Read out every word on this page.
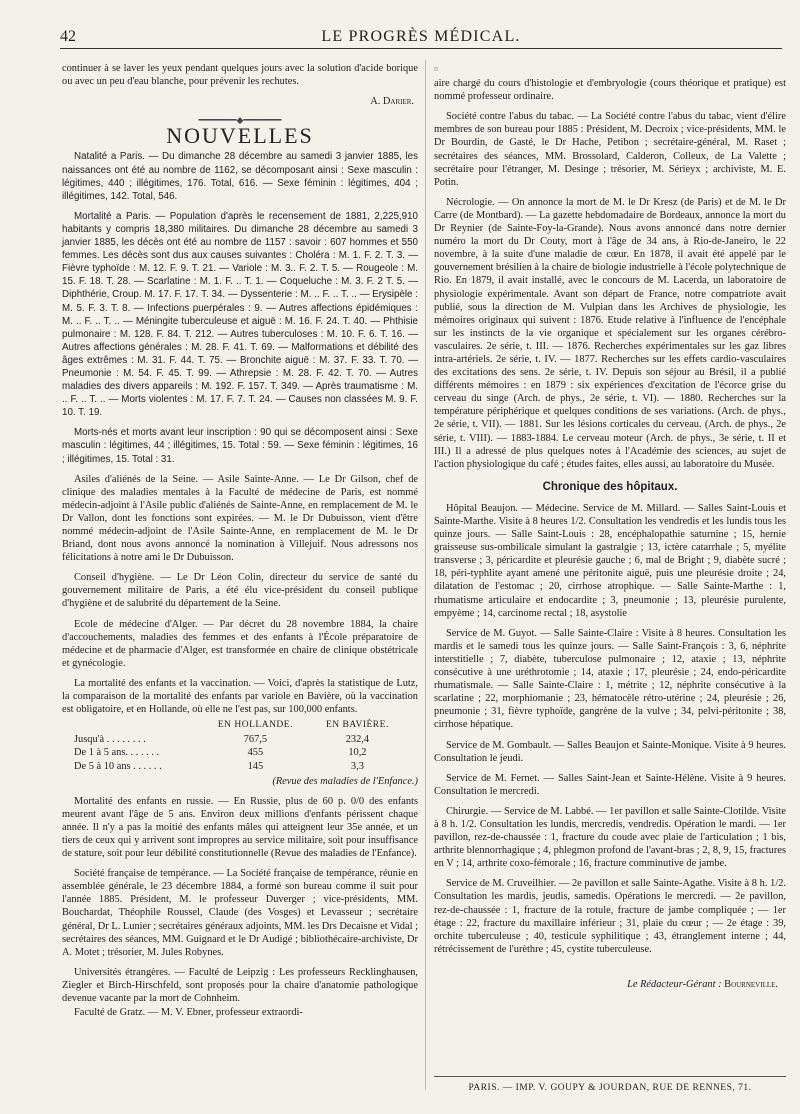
42	LE PROGRÈS MÉDICAL.

continuer à se laver les yeux pendant quelques jours avec la solution d'acide borique ou avec un peu d'eau blanche, pour prévenir les rechutes.

A. Darier.
━━━━━━━◆━━━━━━━
NOUVELLES

Natalité a Paris. — Du dimanche 28 décembre au samedi 3 janvier 1885, les naissances ont été au nombre de 1162, se décomposant ainsi : Sexe masculin : légitimes, 440 ; illégitimes, 176. Total, 616. — Sexe féminin : légitimes, 404 ; illégitimes, 142. Total, 546.

Mortalité a Paris. — Population d'après le recensement de 1881, 2,225,910 habitants y compris 18,380 militaires. Du dimanche 28 décembre au samedi 3 janvier 1885, les décès ont été au nombre de 1157 : savoir : 607 hommes et 550 femmes. Les décès sont dus aux causes suivantes : Choléra : M. 1. F. 2. T. 3. — Fièvre typhoïde : M. 12. F. 9. T. 21. — Variole : M. 3.. F. 2. T. 5. — Rougeole : M. 15. F. 18. T. 28. — Scarlatine : M. 1. F. .. T. 1. — Coqueluche : M. 3. F. 2 T. 5. — Diphthérie, Croup. M. 17. F. 17. T. 34. — Dyssenterie : M. .. F. .. T. .. — Erysipèle : M. 5. F. 3. T. 8. — Infections puerpérales : 9. — Autres affections épidémiques : M. .. F. .. T. .. — Méningite tuberculeuse et aiguë : M. 16. F. 24. T. 40. — Phthisie pulmonaire : M. 128. F. 84. T. 212. — Autres tuberculoses : M. 10. F. 6. T. 16. — Autres affections générales : M. 28. F. 41. T. 69. — Malformations et débilité des âges extrêmes : M. 31. F. 44. T. 75. — Bronchite aiguë : M. 37. F. 33. T. 70. — Pneumonie : M. 54. F. 45. T. 99. — Athrepsie : M. 28. F. 42. T. 70. — Autres maladies des divers appareils : M. 192. F. 157. T. 349. — Après traumatisme : M. .. F. .. T. .. — Morts violentes : M. 17. F. 7. T. 24. — Causes non classées M. 9. F. 10. T. 19.

Morts-nés et morts avant leur inscription : 90 qui se décomposent ainsi : Sexe masculin : légitimes, 44 ; illégitimes, 15. Total : 59. — Sexe féminin : légitimes, 16 ; illégitimes, 15. Total : 31.

Asiles d'aliénés de la Seine. — Asile Sainte-Anne. — Le Dr Gilson, chef de clinique des maladies mentales à la Faculté de médecine de Paris, est nommé médecin-adjoint à l'Asile public d'aliénés de Sainte-Anne, en remplacement de M. le Dr Vallon, dont les fonctions sont expirées. — M. le Dr Dubuisson, vient d'être nommé médecin-adjoint de l'Asile Sainte-Anne, en remplacement de M. le Dr Briand, dont nous avons annoncé la nomination à Villejuif. Nous adressons nos félicitations à notre ami le Dr Dubuisson.

Conseil d'hygiène. — Le Dr Léon Colin, directeur du service de santé du gouvernement militaire de Paris, a été élu vice-président du conseil publique d'hygiène et de salubrité du département de la Seine.

Ecole de médecine d'Alger. — Par décret du 28 novembre 1884, la chaire d'accouchements, maladies des femmes et des enfants à l'École préparatoire de médecine et de pharmacie d'Alger, est transformée en chaire de clinique obstétricale et gynécologie.

La mortalité des enfants et la vaccination. — Voici, d'après la statistique de Lutz, la comparaison de la mortalité des enfants par variole en Bavière, où la vaccination est obligatoire, et en Hollande, où elle ne l'est pas, sur 100,000 enfants.

	EN HOLLANDE.	EN BAVIÈRE.
Jusqu'à . . . . . . . .	767,5	232,4
De 1 à 5 ans. . . . . . .	455	10,2
De 5 à 10 ans . . . . . .	145	3,3
(Revue des maladies de l'Enfance.)

Mortalité des enfants en russie. — En Russie, plus de 60 p. 0/0 des enfants meurent avant l'âge de 5 ans. Environ deux millions d'enfants périssent chaque année. Il n'y a pas la moitié des enfants mâles qui atteignent leur 35e année, et un tiers de ceux qui y arrivent sont impropres au service militaire, soit pour insuffisance de stature, soit pour leur débilité constitutionnelle (Revue des maladies de l'Enfance).

Société française de tempérance. — La Société française de tempérance, réunie en assemblée générale, le 23 décembre 1884, a formé son bureau comme il suit pour l'année 1885. Président, M. le professeur Duverger ; vice-présidents, MM. Bouchardat, Théophile Roussel, Claude (des Vosges) et Levasseur ; secrétaire général, Dr L. Lunier ; secrétaires généraux adjoints, MM. les Drs Decaisne et Vidal ; secrétaires des séances, MM. Guignard et le Dr Audigé ; bibliothécaire-archiviste, Dr A. Motet ; trésorier, M. Jules Robynes.

Universités étrangères. — Faculté de Leipzig : Les professeurs Recklinghausen, Ziegler et Birch-Hirschfeld, sont proposés pour la chaire d'anatomie pathologique devenue vacante par la mort de Cohnheim.

Faculté de Gratz. — M. V. Ebner, professeur extraordi-

n

aire chargé du cours d'histologie et d'embryologie (cours théorique et pratique) est nommé professeur ordinaire.

Société contre l'abus du tabac. — La Société contre l'abus du tabac, vient d'élire membres de son bureau pour 1885 : Président, M. Decroix ; vice-présidents, MM. le Dr Bourdin, de Gasté, le Dr Hache, Petibon ; secrétaire-général, M. Raset ; secrétaires des séances, MM. Brossolard, Calderon, Colleux, de La Valette ; secrétaire pour l'étranger, M. Desinge ; trésorier, M. Sérieyx ; archiviste, M. E. Potin.

Nécrologie. — On annonce la mort de M. le Dr Kresz (de Paris) et de M. le Dr Carre (de Montbard). — La gazette hebdomadaire de Bordeaux, annonce la mort du Dr Reynier (de Sainte-Foy-la-Grande). Nous avons annoncé dans notre dernier numéro la mort du Dr Couty, mort à l'âge de 34 ans, à Rio-de-Janeiro, le 22 novembre, à la suite d'une maladie de cœur. En 1878, il avait été appelé par le gouvernement brésilien à la chaire de biologie industrielle à l'école polytechnique de Rio. En 1879, il avait installé, avec le concours de M. Lacerda, un laboratoire de physiologie expérimentale. Avant son départ de France, notre compatriote avait publié, sous la direction de M. Vulpian dans les Archives de physiologie, les mémoires originaux qui suivent : 1876. Etude relative à l'influence de l'encéphale sur les instincts de la vie organique et spécialement sur les organes cérébro-vasculaires. 2e série, t. III. — 1876. Recherches expérimentales sur les gaz libres intra-artériels. 2e série, t. IV. — 1877. Recherches sur les effets cardio-vasculaires des excitations des sens. 2e série, t. IV. Depuis son séjour au Brésil, il a publié différents mémoires : en 1879 : six expériences d'excitation de l'écorce grise du cerveau du singe (Arch. de phys., 2e série, t. VI). — 1880. Recherches sur la température périphérique et quelques conditions de ses variations. (Arch. de phys., 2e série, t. VII). — 1881. Sur les lésions corticales du cerveau. (Arch. de phys., 2e série, t. VIII). — 1883-1884. Le cerveau moteur (Arch. de phys., 3e série, t. II et III.) Il a adressé de plus quelques notes à l'Académie des sciences, au sujet de l'action physiologique du café ; études faites, elles aussi, au laboratoire du Musée.

Chronique des hôpitaux.

Hôpital Beaujon. — Médecine. Service de M. Millard. — Salles Saint-Louis et Sainte-Marthe. Visite à 8 heures 1/2. Consultation les vendredis et les lundis tous les quinze jours. — Salle Saint-Louis : 28, encéphalopathie saturnine ; 15, hernie graisseuse sus-ombilicale simulant la gastralgie ; 13, ictère catarrhale ; 5, myélite transverse ; 3, péricardite et pleurésie gauche ; 6, mal de Bright ; 9, diabète sucré ; 18, péri-typhlite ayant amené une péritonite aiguë, puis une pleurésie droite ; 24, dilatation de l'estomac ; 20, cirrhose atrophique. — Salle Sainte-Marthe : 1, rhumatisme articulaire et endocardite ; 3, pneumonie ; 13, pleurésie purulente, empyème ; 14, carcinome rectal ; 18, asystolie

Service de M. Guyot. — Salle Sainte-Claire : Visite à 8 heures. Consultation les mardis et le samedi tous les quinze jours. — Salle Saint-François : 3, 6, néphrite interstitielle ; 7, diabète, tuberculose pulmonaire ; 12, ataxie ; 13, néphrite consécutive à une uréthrotomie ; 14, ataxie ; 17, pleurésie ; 24, endo-péricardite rhumatismale. — Salle Sainte-Claire : 1, métrite ; 12, néphrite consécutive à la scarlatine ; 22, morphiomanie ; 23, hématocèle rétro-utérine ; 24, pleurésie ; 26, pneumonie ; 31, fièvre typhoïde, gangrène de la vulve ; 34, pelvi-péritonite ; 38, cirrhose hépatique.

Service de M. Gombault. — Salles Beaujon et Sainte-Monique. Visite à 9 heures. Consultation le jeudi.

Service de M. Fernet. — Salles Saint-Jean et Sainte-Hélène. Visite à 9 heures. Consultation le mercredi.

Chirurgie. — Service de M. Labbé. — 1er pavillon et salle Sainte-Clotilde. Visite à 8 h. 1/2. Consultation les lundis, mercredis, vendredis. Opération le mardi. — 1er pavillon, rez-de-chaussée : 1, fracture du coude avec plaie de l'articulation ; 1 bis, arthrite blennorrhagique ; 4, phlegmon profond de l'avant-bras ; 2, 8, 9, 15, fractures en V ; 14, arthrite coxo-fémorale ; 16, fracture comminutive de jambe.

Service de M. Cruveilhier. — 2e pavillon et salle Sainte-Agathe. Visite à 8 h. 1/2. Consultation les mardis, jeudis, samedis. Opérations le mercredi. — 2e pavillon, rez-de-chaussée : 1, fracture de la rotule, fracture de jambe compliquée ; — 1er étage : 22, fracture du maxillaire inférieur ; 31, plaie du cœur ; — 2e étage : 39, orchite tuberculeuse ; 40, testicule syphilitique ; 43, étranglement interne ; 44, rétrécissement de l'urèthre ; 45, cystite tuberculeuse.

Le Rédacteur-Gérant : Bourneville.
PARIS. — IMP. V. GOUPY & JOURDAN, RUE DE RENNES, 71.
